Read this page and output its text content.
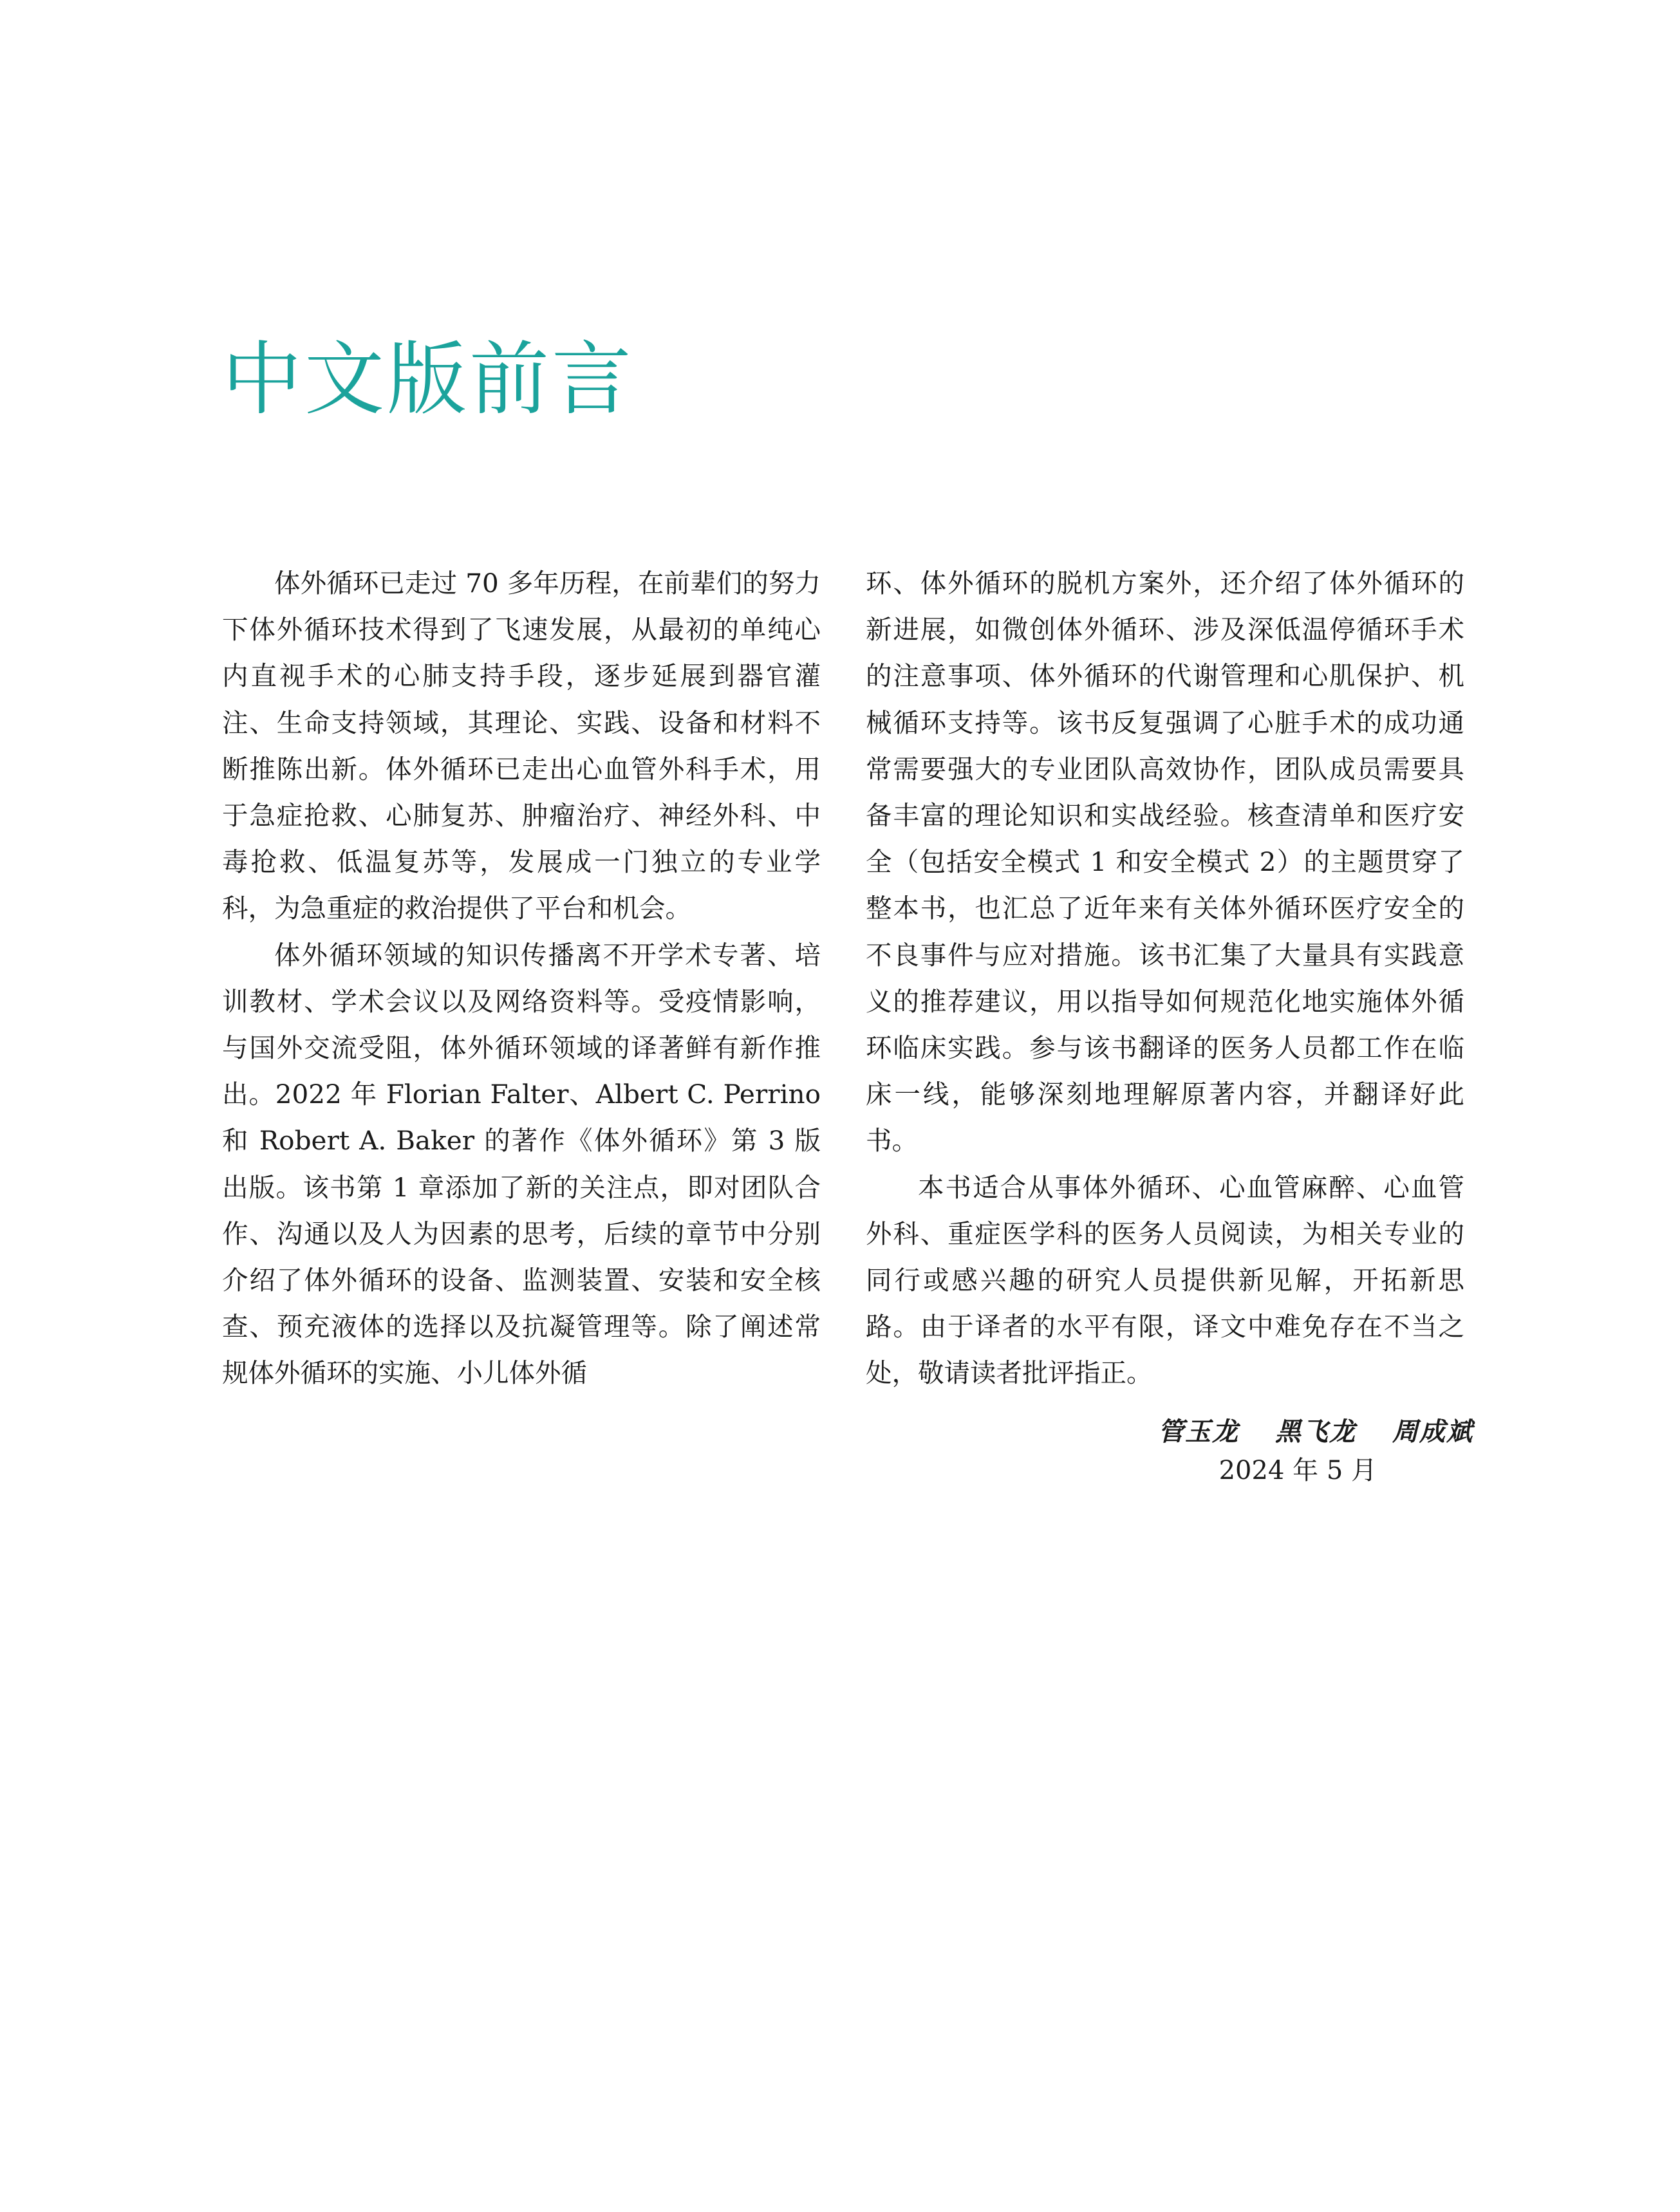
中文版前言

体外循环已走过 70 多年历程，在前辈们的努力下体外循环技术得到了飞速发展，从最初的单纯心内直视手术的心肺支持手段，逐步延展到器官灌注、生命支持领域，其理论、实践、设备和材料不断推陈出新。体外循环已走出心血管外科手术，用于急症抢救、心肺复苏、肿瘤治疗、神经外科、中毒抢救、低温复苏等，发展成一门独立的专业学科，为急重症的救治提供了平台和机会。

体外循环领域的知识传播离不开学术专著、培训教材、学术会议以及网络资料等。受疫情影响，与国外交流受阻，体外循环领域的译著鲜有新作推出。2022 年 Florian Falter、Albert C. Perrino 和 Robert A. Baker 的著作《体外循环》第 3 版出版。该书第 1 章添加了新的关注点，即对团队合作、沟通以及人为因素的思考，后续的章节中分别介绍了体外循环的设备、监测装置、安装和安全核查、预充液体的选择以及抗凝管理等。除了阐述常规体外循环的实施、小儿体外循

环、体外循环的脱机方案外，还介绍了体外循环的新进展，如微创体外循环、涉及深低温停循环手术的注意事项、体外循环的代谢管理和心肌保护、机械循环支持等。该书反复强调了心脏手术的成功通常需要强大的专业团队高效协作，团队成员需要具备丰富的理论知识和实战经验。核查清单和医疗安全（包括安全模式 1 和安全模式 2）的主题贯穿了整本书，也汇总了近年来有关体外循环医疗安全的不良事件与应对措施。该书汇集了大量具有实践意义的推荐建议，用以指导如何规范化地实施体外循环临床实践。参与该书翻译的医务人员都工作在临床一线，能够深刻地理解原著内容，并翻译好此书。

本书适合从事体外循环、心血管麻醉、心血管外科、重症医学科的医务人员阅读，为相关专业的同行或感兴趣的研究人员提供新见解，开拓新思路。由于译者的水平有限，译文中难免存在不当之处，敬请读者批评指正。

管玉龙 黑飞龙 周成斌

2024 年 5 月
